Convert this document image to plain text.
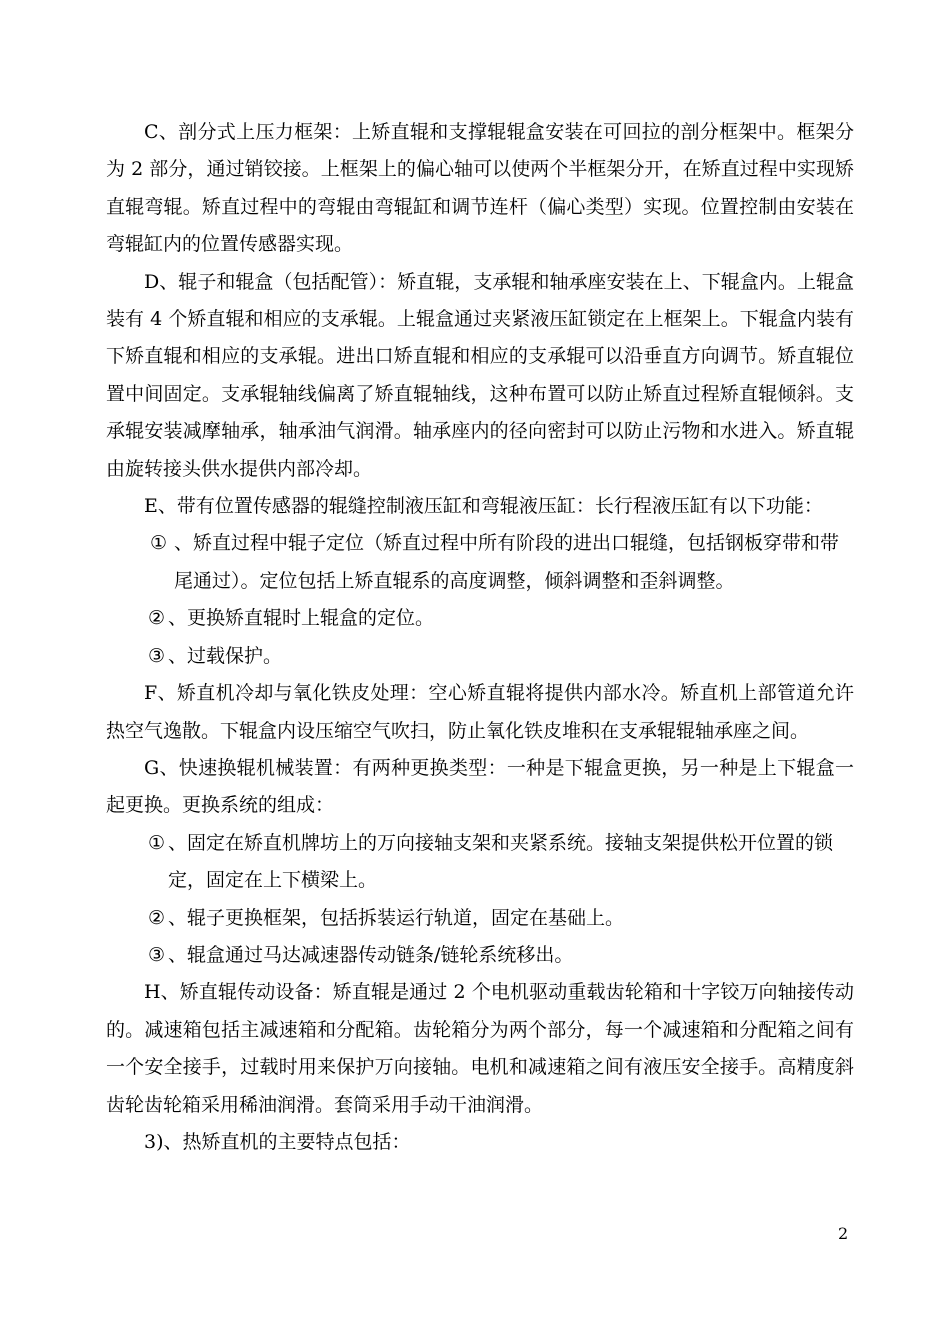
C、剖分式上压力框架：上矫直辊和支撑辊辊盒安装在可回拉的剖分框架中。框架分为 2 部分，通过销铰接。上框架上的偏心轴可以使两个半框架分开，在矫直过程中实现矫直辊弯辊。矫直过程中的弯辊由弯辊缸和调节连杆（偏心类型）实现。位置控制由安装在弯辊缸内的位置传感器实现。

D、辊子和辊盒（包括配管）：矫直辊，支承辊和轴承座安装在上、下辊盒内。上辊盒装有 4 个矫直辊和相应的支承辊。上辊盒通过夹紧液压缸锁定在上框架上。下辊盒内装有下矫直辊和相应的支承辊。进出口矫直辊和相应的支承辊可以沿垂直方向调节。矫直辊位置中间固定。支承辊轴线偏离了矫直辊轴线，这种布置可以防止矫直过程矫直辊倾斜。支承辊安装减摩轴承，轴承油气润滑。轴承座内的径向密封可以防止污物和水进入。矫直辊由旋转接头供水提供内部冷却。

E、带有位置传感器的辊缝控制液压缸和弯辊液压缸：长行程液压缸有以下功能：

① 、矫直过程中辊子定位（矫直过程中所有阶段的进出口辊缝，包括钢板穿带和带尾通过）。定位包括上矫直辊系的高度调整，倾斜调整和歪斜调整。
② 、更换矫直辊时上辊盒的定位。
③ 、过载保护。

F、矫直机冷却与氧化铁皮处理：空心矫直辊将提供内部水冷。矫直机上部管道允许热空气逸散。下辊盒内设压缩空气吹扫，防止氧化铁皮堆积在支承辊辊轴承座之间。

G、快速换辊机械装置：有两种更换类型：一种是下辊盒更换，另一种是上下辊盒一起更换。更换系统的组成：

① 、固定在矫直机牌坊上的万向接轴支架和夹紧系统。接轴支架提供松开位置的锁定，固定在上下横梁上。
② 、辊子更换框架，包括拆装运行轨道，固定在基础上。
③ 、辊盒通过马达减速器传动链条/链轮系统移出。

H、矫直辊传动设备：矫直辊是通过 2 个电机驱动重载齿轮箱和十字铰万向轴接传动的。减速箱包括主减速箱和分配箱。齿轮箱分为两个部分，每一个减速箱和分配箱之间有一个安全接手，过载时用来保护万向接轴。电机和减速箱之间有液压安全接手。高精度斜齿轮齿轮箱采用稀油润滑。套筒采用手动干油润滑。

3)、热矫直机的主要特点包括：

2
